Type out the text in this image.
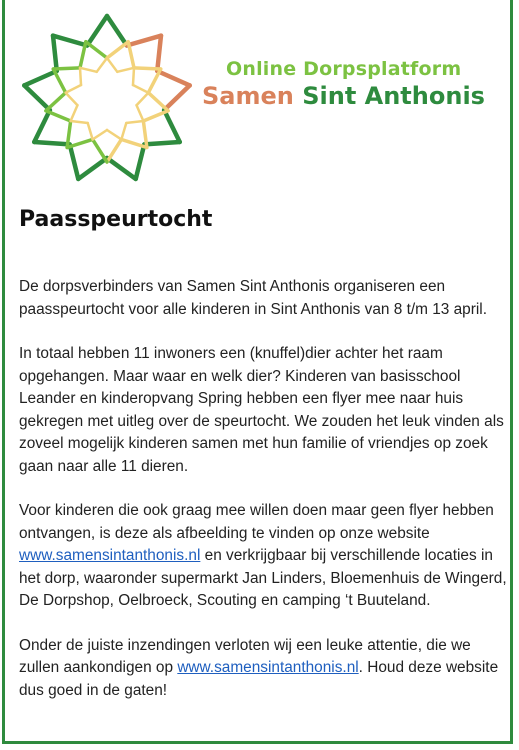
Online Dorpsplatform
Samen Sint Anthonis
Paasspeurtocht

De dorpsverbinders van Samen Sint Anthonis organiseren een paasspeurtocht voor alle kinderen in Sint Anthonis van 8 t/m 13 april.

In totaal hebben 11 inwoners een (knuffel)dier achter het raam opgehangen. Maar waar en welk dier? Kinderen van basisschool Leander en kinderopvang Spring hebben een flyer mee naar huis gekregen met uitleg over de speurtocht. We zouden het leuk vinden als zoveel mogelijk kinderen samen met hun familie of vriendjes op zoek gaan naar alle 11 dieren.

Voor kinderen die ook graag mee willen doen maar geen flyer hebben ontvangen, is deze als afbeelding te vinden op onze website www.samensintanthonis.nl en verkrijgbaar bij verschillende locaties in het dorp, waaronder supermarkt Jan Linders, Bloemenhuis de Wingerd, De Dorpshop, Oelbroeck, Scouting en camping ‘t Buuteland.

Onder de juiste inzendingen verloten wij een leuke attentie, die we zullen aankondigen op www.samensintanthonis.nl. Houd deze website dus goed in de gaten!
